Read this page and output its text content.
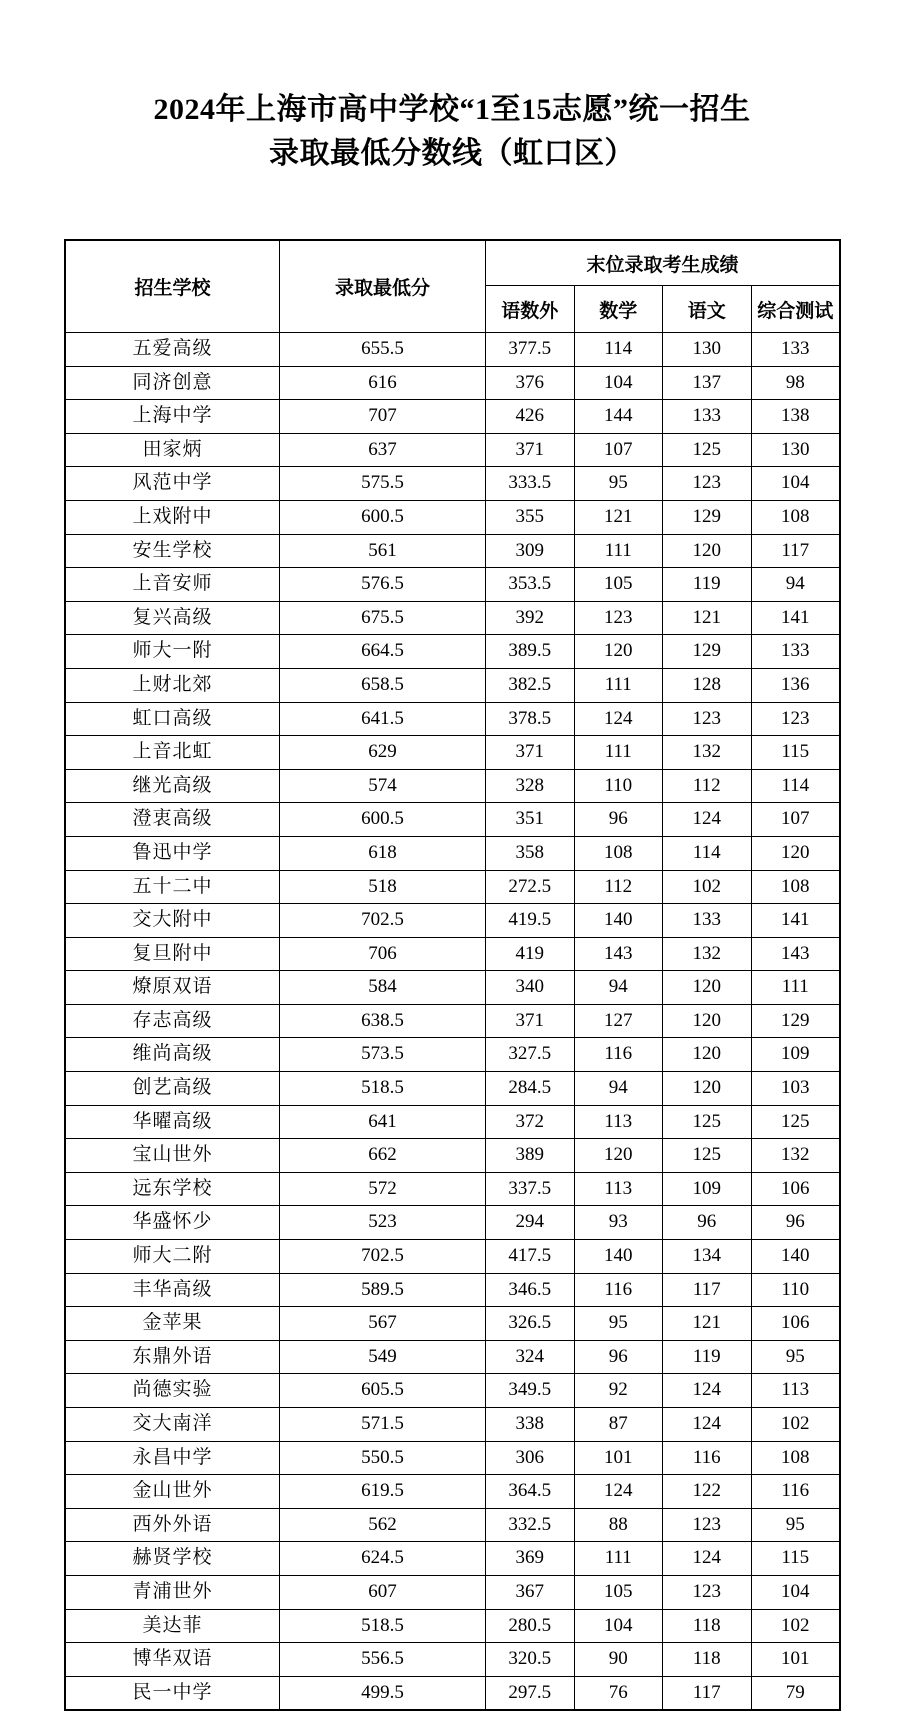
2024年上海市高中学校“1至15志愿”统一招生
录取最低分数线（虹口区）
招生学校	录取最低分	末位录取考生成绩			
		语数外	数学	语文	综合测试
五爱高级	655.5	377.5	114	130	133
同济创意	616	376	104	137	98
上海中学	707	426	144	133	138
田家炳	637	371	107	125	130
风范中学	575.5	333.5	95	123	104
上戏附中	600.5	355	121	129	108
安生学校	561	309	111	120	117
上音安师	576.5	353.5	105	119	94
复兴高级	675.5	392	123	121	141
师大一附	664.5	389.5	120	129	133
上财北郊	658.5	382.5	111	128	136
虹口高级	641.5	378.5	124	123	123
上音北虹	629	371	111	132	115
继光高级	574	328	110	112	114
澄衷高级	600.5	351	96	124	107
鲁迅中学	618	358	108	114	120
五十二中	518	272.5	112	102	108
交大附中	702.5	419.5	140	133	141
复旦附中	706	419	143	132	143
燎原双语	584	340	94	120	111
存志高级	638.5	371	127	120	129
维尚高级	573.5	327.5	116	120	109
创艺高级	518.5	284.5	94	120	103
华曜高级	641	372	113	125	125
宝山世外	662	389	120	125	132
远东学校	572	337.5	113	109	106
华盛怀少	523	294	93	96	96
师大二附	702.5	417.5	140	134	140
丰华高级	589.5	346.5	116	117	110
金苹果	567	326.5	95	121	106
东鼎外语	549	324	96	119	95
尚德实验	605.5	349.5	92	124	113
交大南洋	571.5	338	87	124	102
永昌中学	550.5	306	101	116	108
金山世外	619.5	364.5	124	122	116
西外外语	562	332.5	88	123	95
赫贤学校	624.5	369	111	124	115
青浦世外	607	367	105	123	104
美达菲	518.5	280.5	104	118	102
博华双语	556.5	320.5	90	118	101
民一中学	499.5	297.5	76	117	79
